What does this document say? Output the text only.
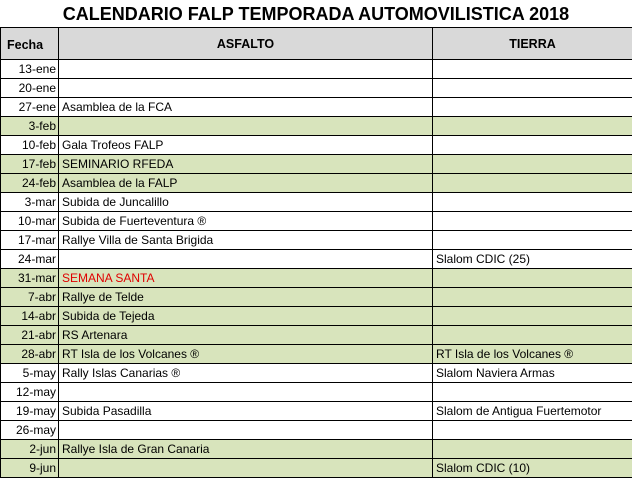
CALENDARIO FALP TEMPORADA AUTOMOVILISTICA 2018
Fecha	ASFALTO	TIERRA
13-ene		
20-ene		
27-ene	Asamblea de la FCA	
3-feb		
10-feb	Gala Trofeos FALP	
17-feb	SEMINARIO RFEDA	
24-feb	Asamblea de la FALP	
3-mar	Subida de Juncalillo	
10-mar	Subida de Fuerteventura ®	
17-mar	Rallye Villa de Santa Brigida	
24-mar		Slalom CDIC (25)
31-mar	SEMANA SANTA	
7-abr	Rallye de Telde	
14-abr	Subida de Tejeda	
21-abr	RS Artenara	
28-abr	RT Isla de los Volcanes ®	RT Isla de los Volcanes ®
5-may	Rally Islas Canarias ®	Slalom Naviera Armas
12-may		
19-may	Subida Pasadilla	Slalom de Antigua Fuertemotor
26-may		
2-jun	Rallye Isla de Gran Canaria	
9-jun		Slalom CDIC (10)
